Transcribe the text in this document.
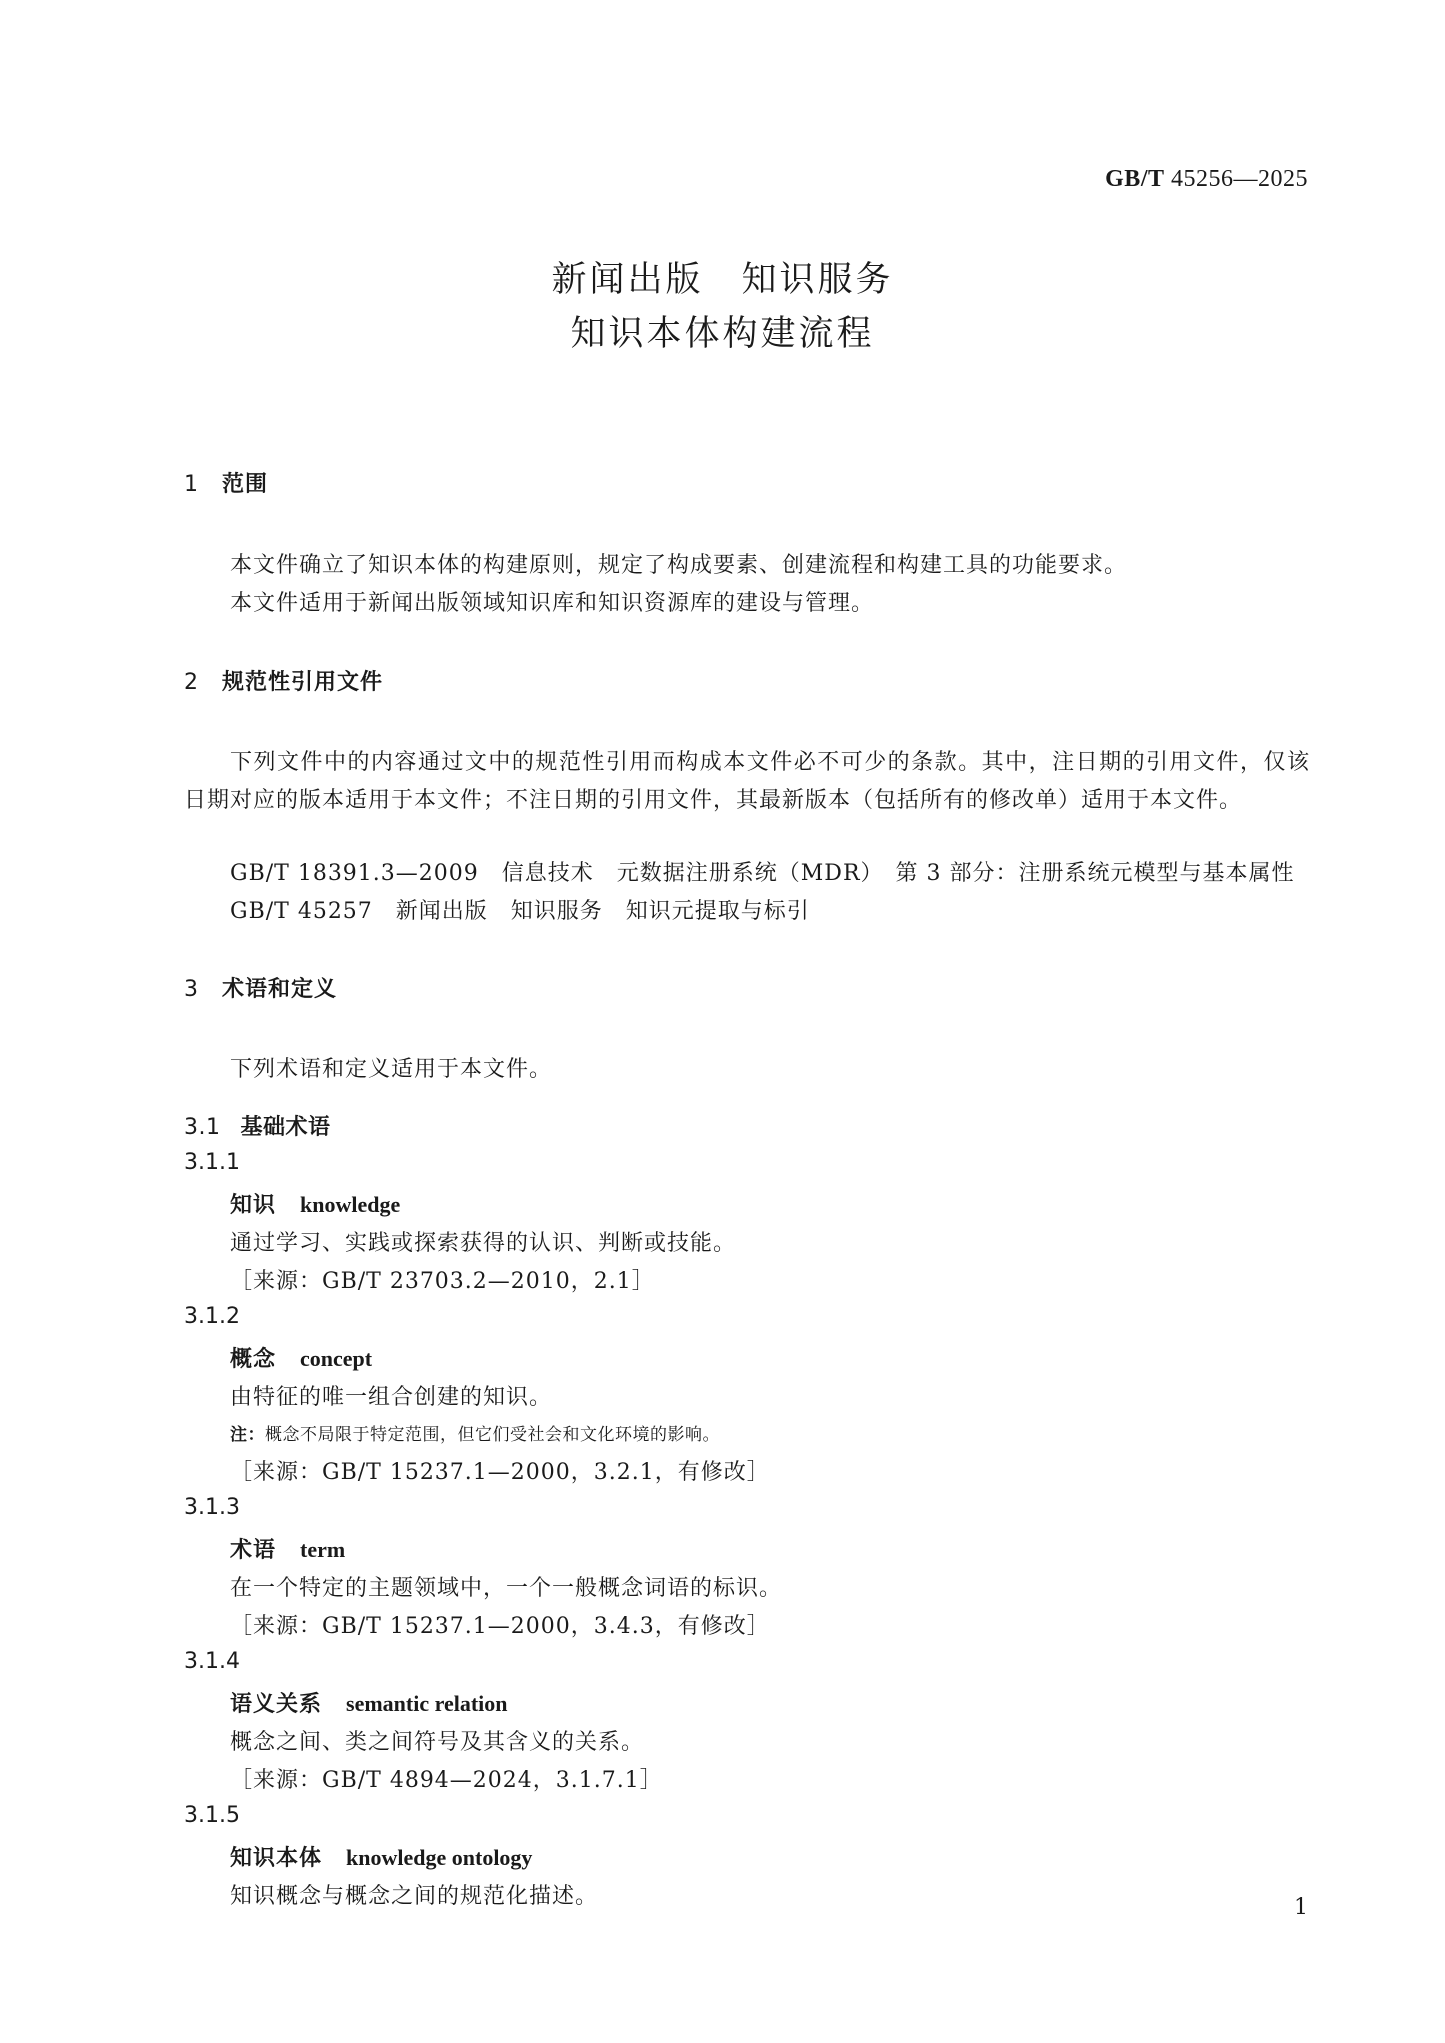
GB/T 45256—2025
新闻出版　知识服务
知识本体构建流程
1 范围
本文件确立了知识本体的构建原则，规定了构成要素、创建流程和构建工具的功能要求。
本文件适用于新闻出版领域知识库和知识资源库的建设与管理。
2 规范性引用文件
下列文件中的内容通过文中的规范性引用而构成本文件必不可少的条款。其中，注日期的引用文件，仅该日期对应的版本适用于本文件；不注日期的引用文件，其最新版本（包括所有的修改单）适用于本文件。
GB/T 18391.3—2009　信息技术　元数据注册系统（MDR）　第 3 部分：注册系统元模型与基本属性
GB/T 45257　新闻出版　知识服务　知识元提取与标引
3 术语和定义
下列术语和定义适用于本文件。
3.1 基础术语
3.1.1
知识 knowledge
通过学习、实践或探索获得的认识、判断或技能。
［来源：GB/T 23703.2—2010，2.1］
3.1.2
概念 concept
由特征的唯一组合创建的知识。
注：概念不局限于特定范围，但它们受社会和文化环境的影响。
［来源：GB/T 15237.1—2000，3.2.1，有修改］
3.1.3
术语 term
在一个特定的主题领域中，一个一般概念词语的标识。
［来源：GB/T 15237.1—2000，3.4.3，有修改］
3.1.4
语义关系 semantic relation
概念之间、类之间符号及其含义的关系。
［来源：GB/T 4894—2024，3.1.7.1］
3.1.5
知识本体 knowledge ontology
知识概念与概念之间的规范化描述。	1
